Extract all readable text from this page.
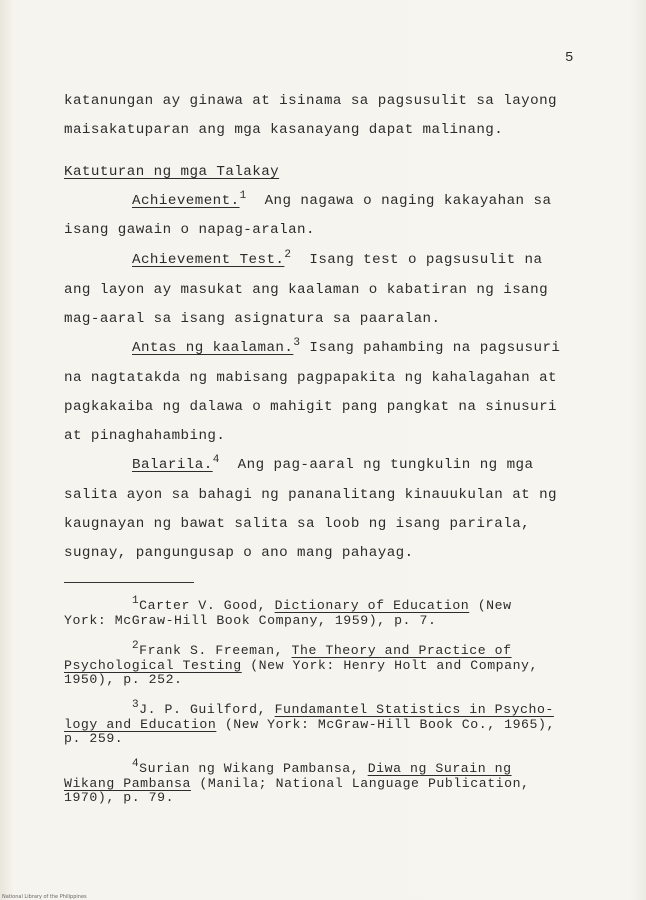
5
katanungan ay ginawa at isinama sa pagsusulit sa layong
maisakatuparan ang mga kasanayang dapat malinang.
Katuturan ng mga Talakay
Achievement.$^1$  Ang nagawa o naging kakayahan sa
isang gawain o napag-aralan.
Achievement Test.$^2$  Isang test o pagsusulit na
ang layon ay masukat ang kaalaman o kabatiran ng isang
mag-aaral sa isang asignatura sa paaralan.
Antas ng kaalaman.$^3$ Isang pahambing na pagsusuri
na nagtatakda ng mabisang pagpapakita ng kahalagahan at
pagkakaiba ng dalawa o mahigit pang pangkat na sinusuri
at pinaghahambing.
Balarila.$^4$  Ang pag-aaral ng tungkulin ng mga
salita ayon sa bahagi ng pananalitang kinauukulan at ng
kaugnayan ng bawat salita sa loob ng isang parirala,
sugnay, pangungusap o ano mang pahayag.
$^1$Carter V. Good, Dictionary of Education (New
York: McGraw-Hill Book Company, 1959), p. 7.
$^2$Frank S. Freeman, The Theory and Practice of
Psychological Testing (New York: Henry Holt and Company,
1950), p. 252.
$^3$J. P. Guilford, Fundamantel Statistics in Psycho-
logy and Education (New York: McGraw-Hill Book Co., 1965),
p. 259.
$^4$Surian ng Wikang Pambansa, Diwa ng Surain ng
Wikang Pambansa (Manila; National Language Publication,
1970), p. 79.
National Library of the Philippines
